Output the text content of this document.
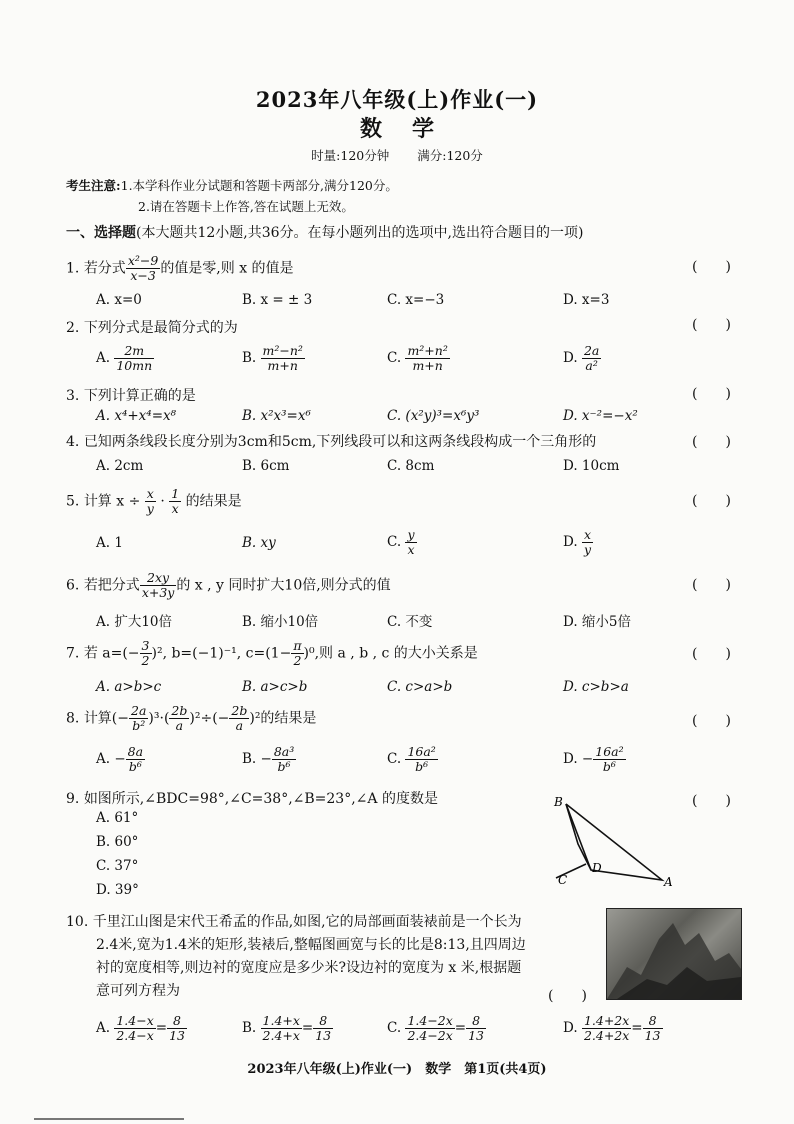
2023年八年级(上)作业(一)
数学
时量:120分钟 满分:120分
考生注意:1.本学科作业分试题和答题卡两部分,满分120分。
2.请在答题卡上作答,答在试题上无效。
一、选择题(本大题共12小题,共36分。在每小题列出的选项中,选出符合题目的一项)
1. 若分式 $\frac{\text{x²−9}}{x-3}$ 的值是零,则 x 的值是	(　　)
A. x=0	B. x = ± 3	C. x=−3	D. x=3
2. 下列分式是最简分式的为	(　　)
A. $\frac{2m}{10mn}$	B. $\frac{\text{m²−n²}}{m+n}$	C. $\frac{\text{m²+n²}}{m+n}$	D. $\frac{2a}{\text{a²}}$
3. 下列计算正确的是	(　　)
A. x⁴+x⁴=x⁸	B. x²x³=x⁶	C. (x²y)³=x⁶y³	D. x⁻²=−x²
4. 已知两条线段长度分别为3cm和5cm,下列线段可以和这两条线段构成一个三角形的	(　　)
A. 2cm	B. 6cm	C. 8cm	D. 10cm
5. 计算 $x \div \frac{x}{y} \cdot \frac{1}{x}$ 的结果是	(　　)
A. 1	B. xy	C. $\frac{y}{x}$	D. $\frac{x}{y}$
6. 若把分式 $\frac{2xy}{x+3y}$ 的 x , y 同时扩大10倍,则分式的值	(　　)
A. 扩大10倍	B. 缩小10倍	C. 不变	D. 缩小5倍
7. 若 $a=(- \frac{3}{2} )^2$, b=(−1)⁻¹, $c=(1- \frac{\pi}{2} )^0$,则 a , b , c 的大小关系是	(　　)
A. a>b>c	B. a>c>b	C. c>a>b	D. c>b>a
8. 计算(− $\frac{2a}{\text{b²}} )^3\cdot( \frac{2b}{a} )^2\div(- \frac{2b}{a} )^2$的结果是	(　　)
A. − $\frac{8a}{\text{b⁶}}$	B. − $\frac{\text{8a³}}{\text{b⁶}}$	C. $\frac{\text{16a²}}{\text{b⁶}}$	D. − $\frac{\text{16a²}}{\text{b⁶}}$
9. 如图所示,∠BDC=98°,∠C=38°,∠B=23°,∠A 的度数是	(　　)
A. 61°
B. 60°
C. 37°
D. 39°
B
C
D
A
10. 千里江山图是宋代王希孟的作品,如图,它的局部画面装裱前是一个长为
2.4米,宽为1.4米的矩形,装裱后,整幅图画宽与长的比是8:13,且四周边
衬的宽度相等,则边衬的宽度应是多少米?设边衬的宽度为 x 米,根据题
意可列方程为	(　　)
A. $\frac{1.4-x}{2.4-x} = \frac{8}{13}$	B. $\frac{1.4+x}{2.4+x} = \frac{8}{13}$	C. $\frac{1.4-2x}{2.4-2x} = \frac{8}{13}$	D. $\frac{1.4+2x}{2.4+2x} = \frac{8}{13}$
2023年八年级(上)作业(一)　数学　第1页(共4页)
